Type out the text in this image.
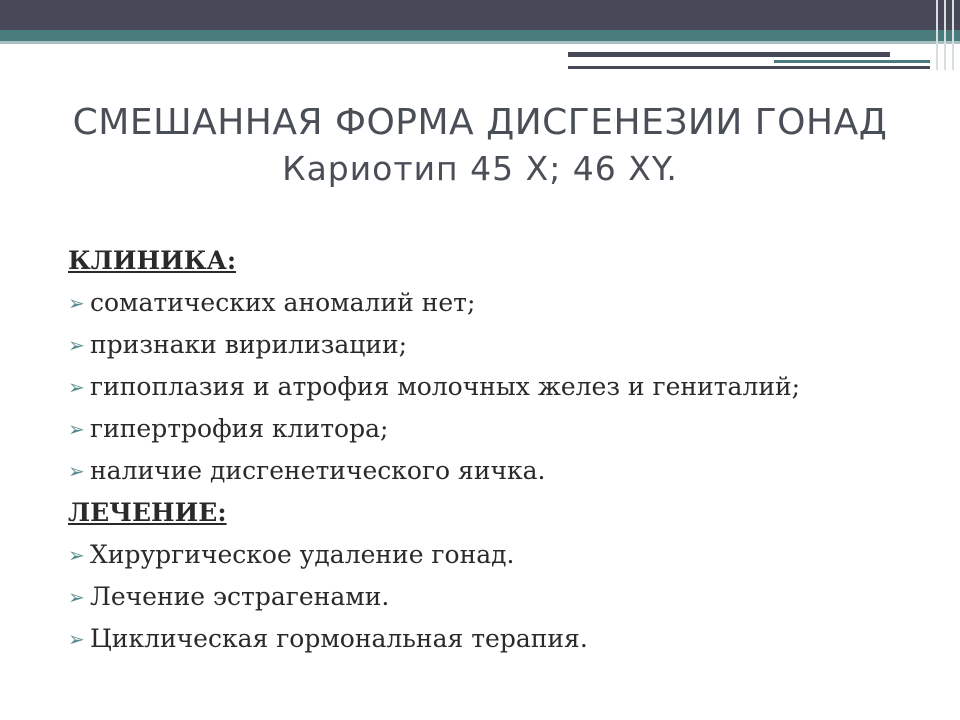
СМЕШАННАЯ ФОРМА ДИСГЕНЕЗИИ ГОНАД
Кариотип 45 X; 46 XY.
КЛИНИКА:
➢ соматических аномалий нет;
➢ признаки вирилизации;
➢ гипоплазия и атрофия молочных желез и гениталий;
➢ гипертрофия клитора;
➢ наличие дисгенетического яичка.
ЛЕЧЕНИЕ:
➢ Хирургическое удаление гонад.
➢ Лечение эстрагенами.
➢ Циклическая гормональная терапия.
